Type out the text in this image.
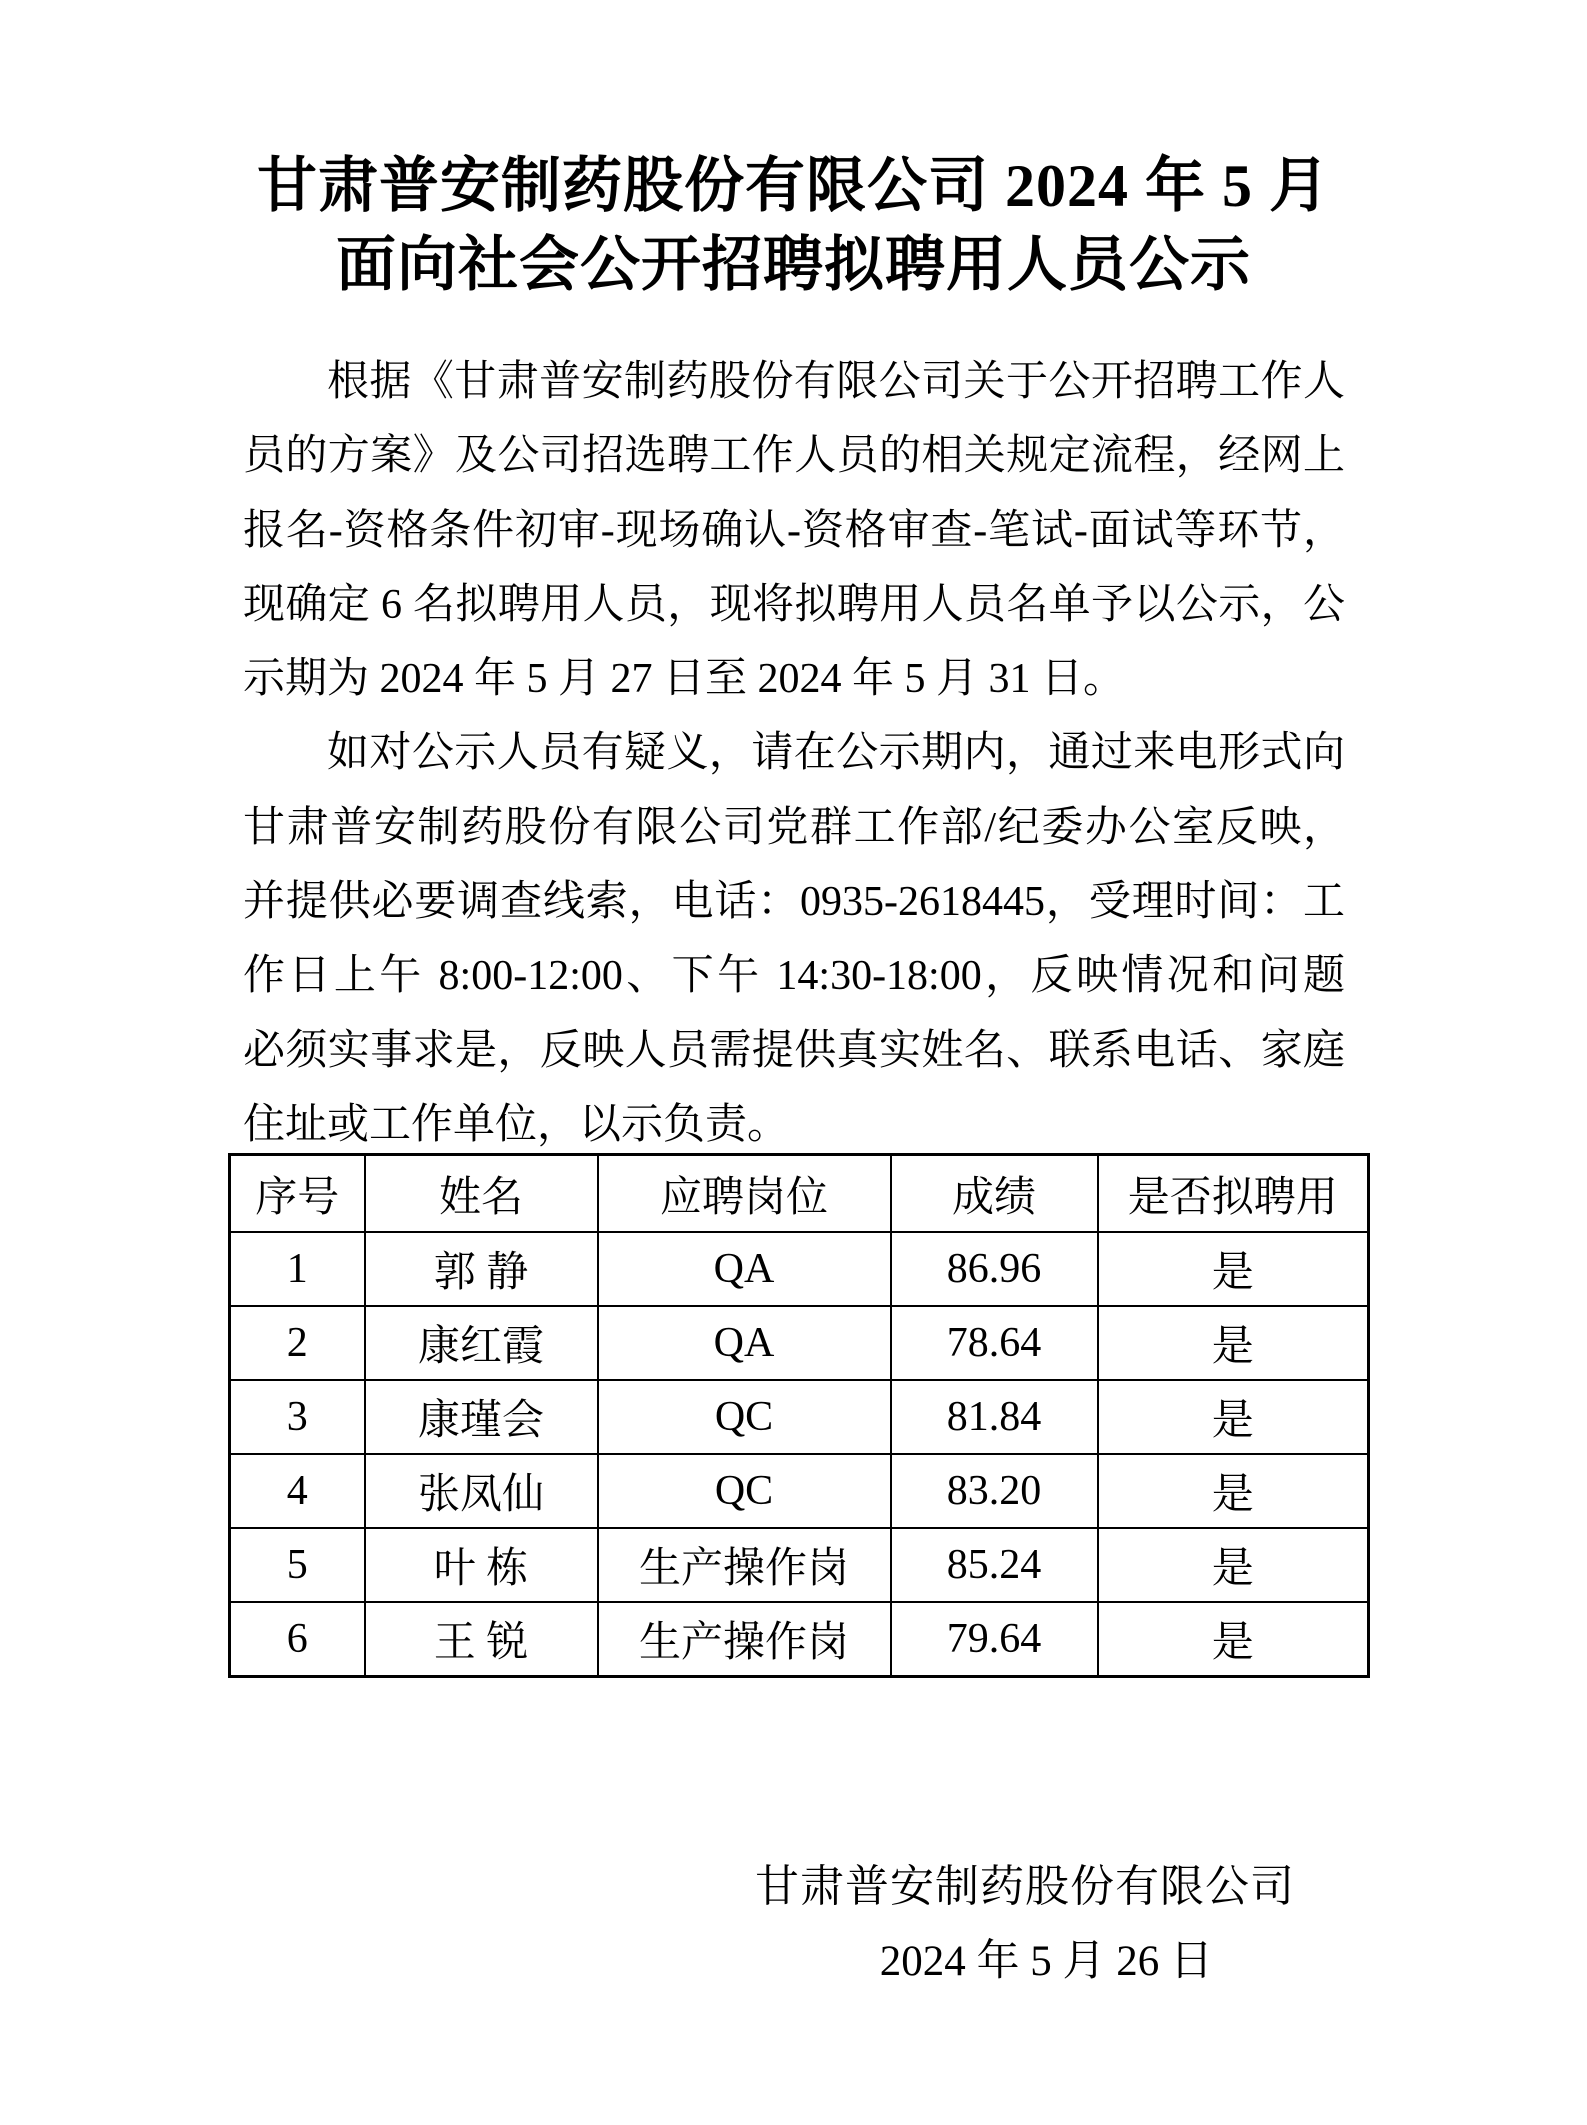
甘肃普安制药股份有限公司 2024 年 5 月
面向社会公开招聘拟聘用人员公示
根据《甘肃普安制药股份有限公司关于公开招聘工作人
员的方案》及公司招选聘工作人员的相关规定流程，经网上
报名-资格条件初审-现场确认-资格审查-笔试-面试等环节，
现确定 6 名拟聘用人员，现将拟聘用人员名单予以公示，公
示期为 2024 年 5 月 27 日至 2024 年 5 月 31 日。
如对公示人员有疑义，请在公示期内，通过来电形式向
甘肃普安制药股份有限公司党群工作部/纪委办公室反映，
并提供必要调查线索，电话：0935-2618445，受理时间：工
作日上午 8:00-12:00、下午 14:30-18:00，反映情况和问题
必须实事求是，反映人员需提供真实姓名、联系电话、家庭
住址或工作单位，以示负责。
序号	姓名	应聘岗位	成绩	是否拟聘用
1	郭 静	QA	86.96	是
2	康红霞	QA	78.64	是
3	康瑾会	QC	81.84	是
4	张凤仙	QC	83.20	是
5	叶 栋	生产操作岗	85.24	是
6	王 锐	生产操作岗	79.64	是
甘肃普安制药股份有限公司
2024 年 5 月 26 日
